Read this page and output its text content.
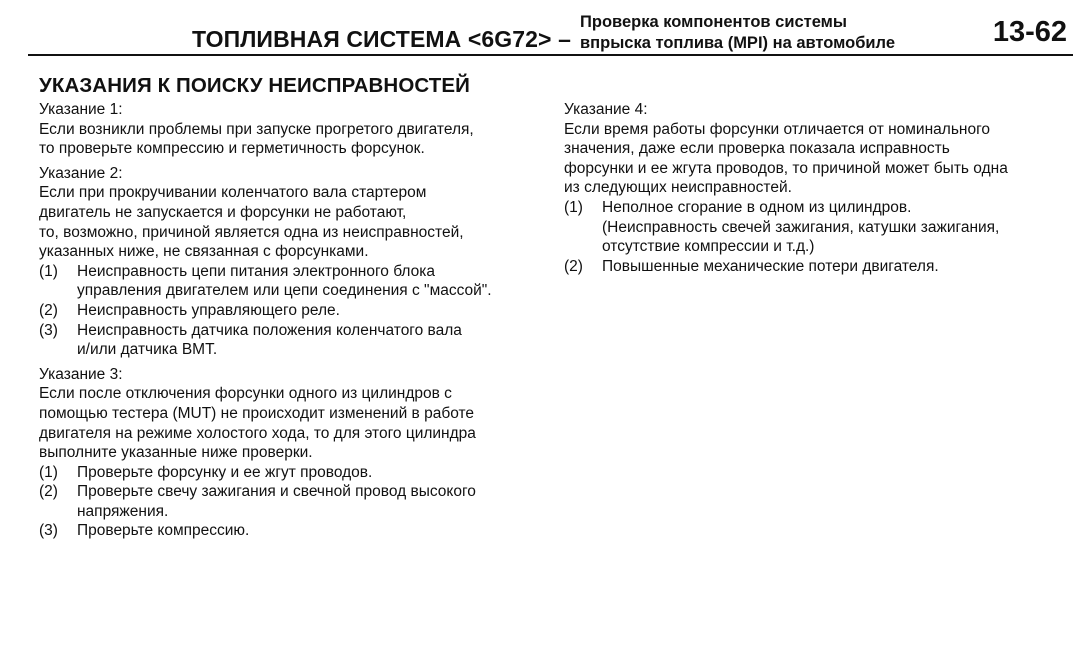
ТОПЛИВНАЯ СИСТЕМА <6G72> –
Проверка компонентов системы
впрыска топлива (MPI) на автомобиле	13-62
УКАЗАНИЯ К ПОИСКУ НЕИСПРАВНОСТЕЙ
Указание 1:
Если возникли проблемы при запуске прогретого двигателя,
то проверьте компрессию и герметичность форсунок.
Указание 2:
Если при прокручивании коленчатого вала стартером
двигатель не запускается и форсунки не работают,
то, возможно, причиной является одна из неисправностей,
указанных ниже, не связанная с форсунками.
(1)	Неисправность цепи питания электронного блока
управления двигателем или цепи соединения с "массой".
(2)	Неисправность управляющего реле.
(3)	Неисправность датчика положения коленчатого вала
и/или датчика ВМТ.
Указание 3:
Если после отключения форсунки одного из цилиндров с
помощью тестера (MUT) не происходит изменений в работе
двигателя на режиме холостого хода, то для этого цилиндра
выполните указанные ниже проверки.
(1)	Проверьте форсунку и ее жгут проводов.
(2)	Проверьте свечу зажигания и свечной провод высокого
напряжения.
(3)	Проверьте компрессию.
Указание 4:
Если время работы форсунки отличается от номинального
значения, даже если проверка показала исправность
форсунки и ее жгута проводов, то причиной может быть одна
из следующих неисправностей.
(1)	Неполное сгорание в одном из цилиндров.
(Неисправность свечей зажигания, катушки зажигания,
отсутствие компрессии и т.д.)
(2)	Повышенные механические потери двигателя.
